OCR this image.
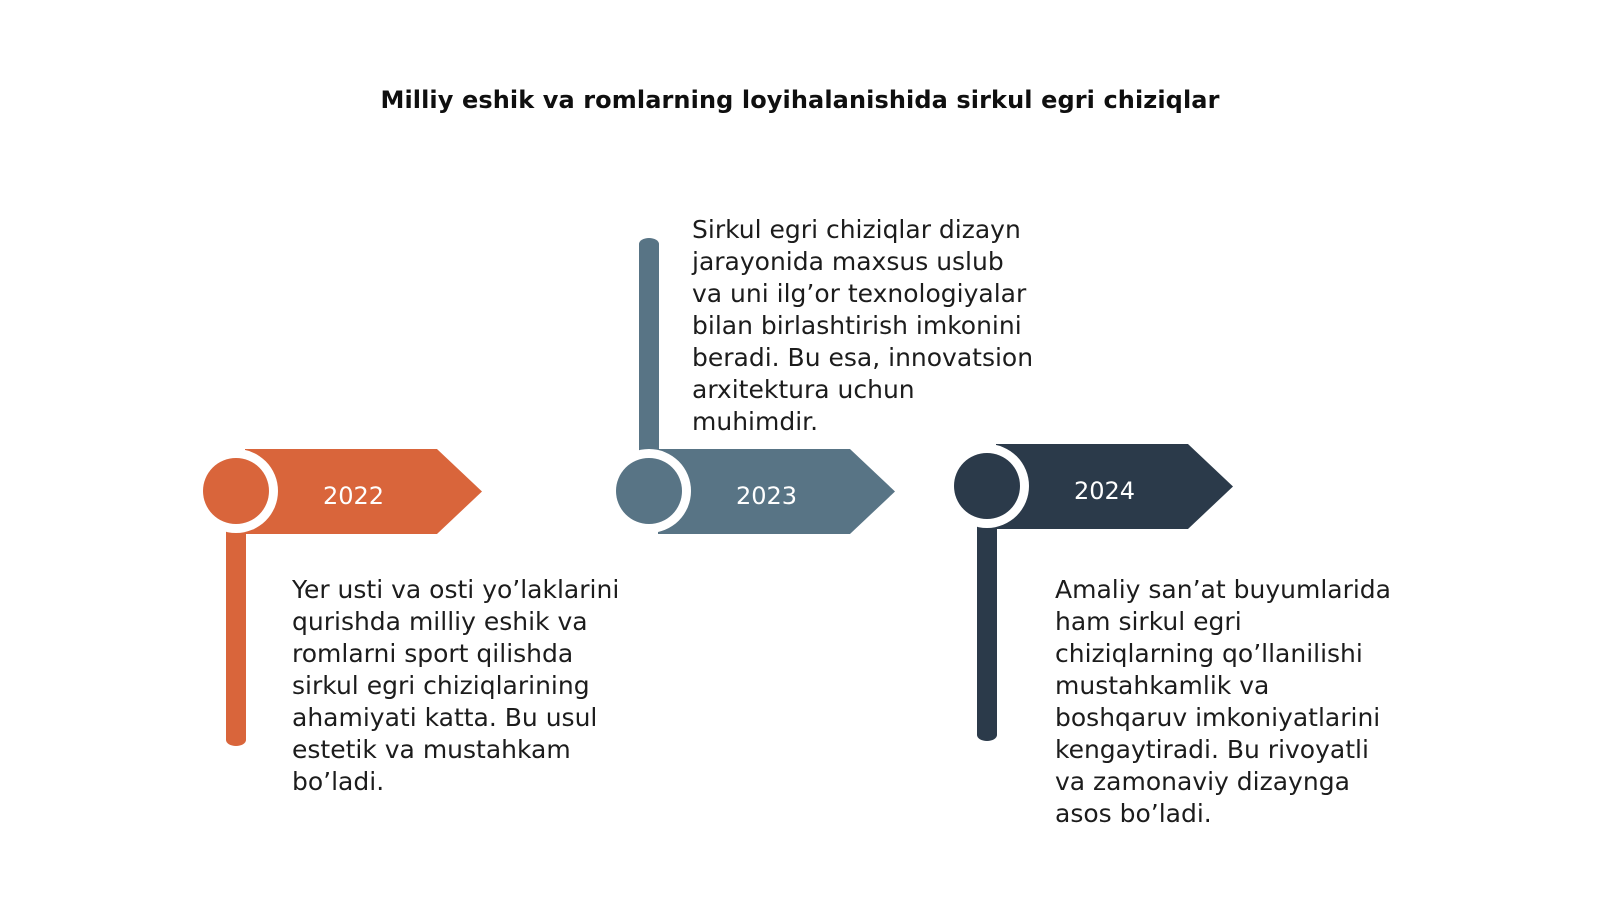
Milliy eshik va romlarning loyihalanishida sirkul egri chiziqlar
2022
Yer usti va osti yo’laklarini
qurishda milliy eshik va
romlarni sport qilishda
sirkul egri chiziqlarining
ahamiyati katta. Bu usul
estetik va mustahkam
bo’ladi.
2023
Sirkul egri chiziqlar dizayn
jarayonida maxsus uslub
va uni ilg’or texnologiyalar
bilan birlashtirish imkonini
beradi. Bu esa, innovatsion
arxitektura uchun
muhimdir.
2024
Amaliy san’at buyumlarida
ham sirkul egri
chiziqlarning qo’llanilishi
mustahkamlik va
boshqaruv imkoniyatlarini
kengaytiradi. Bu rivoyatli
va zamonaviy dizaynga
asos bo’ladi.
